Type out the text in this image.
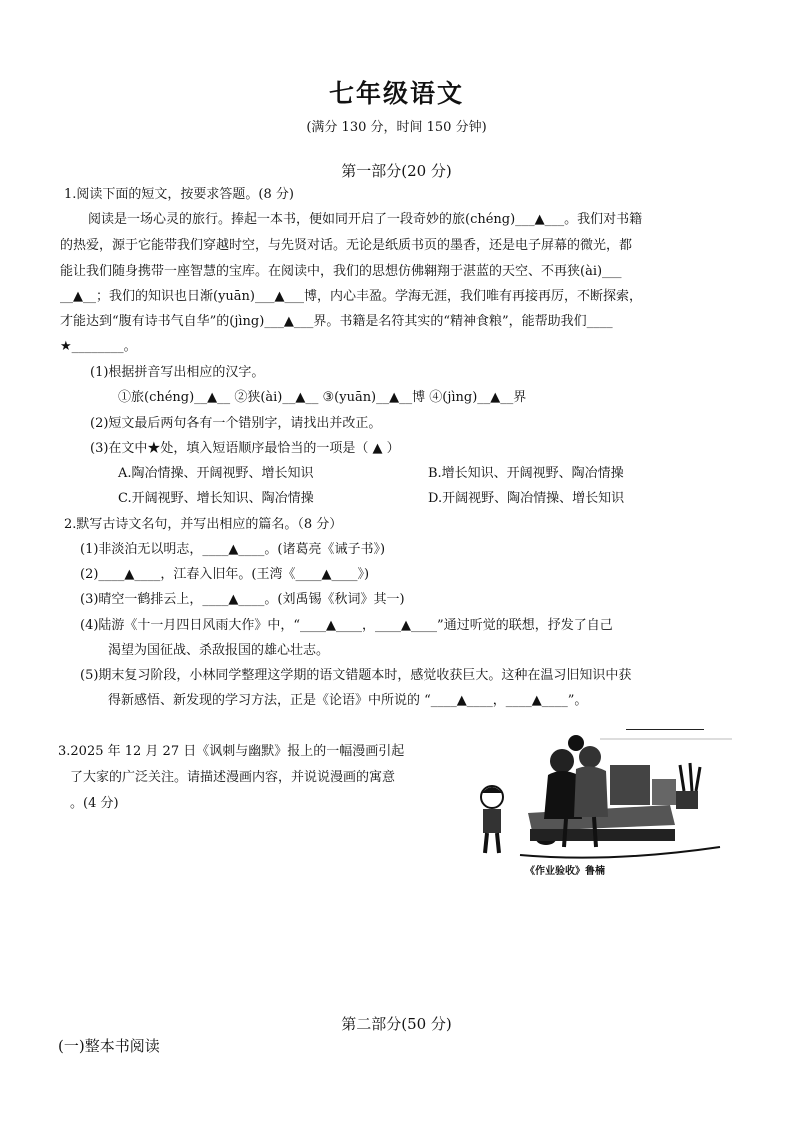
七年级语文
(满分 130 分，时间 150 分钟)
第一部分(20 分)
1.阅读下面的短文，按要求答题。(8 分)
阅读是一场心灵的旅行。捧起一本书，便如同开启了一段奇妙的旅(chéng)___▲___。我们对书籍
的热爱，源于它能带我们穿越时空，与先贤对话。无论是纸质书页的墨香，还是电子屏幕的微光，都
能让我们随身携带一座智慧的宝库。在阅读中，我们的思想仿佛翱翔于湛蓝的天空、不再狭(ài)___
__▲__；我们的知识也日渐(yuān)___▲___博，内心丰盈。学海无涯，我们唯有再接再厉，不断探索，
才能达到“腹有诗书气自华”的(jìng)___▲___界。书籍是名符其实的“精神食粮”，能帮助我们____
★________。
(1)根据拼音写出相应的汉字。
①旅(chéng)__▲__ ②狭(ài)__▲__ ③(yuān)__▲__博 ④(jìng)__▲__界
(2)短文最后两句各有一个错别字，请找出并改正。
(3)在文中★处，填入短语顺序最恰当的一项是（ ▲ ）
A.陶冶情操、开阔视野、增长知识	B.增长知识、开阔视野、陶冶情操
C.开阔视野、增长知识、陶冶情操	D.开阔视野、陶冶情操、增长知识
2.默写古诗文名句，并写出相应的篇名。（8 分）
(1)非淡泊无以明志，____▲____。(诸葛亮《诫子书》)
(2)____▲____，江春入旧年。(王湾《____▲____》)
(3)晴空一鹤排云上，____▲____。(刘禹锡《秋词》其一)
(4)陆游《十一月四日风雨大作》中，“____▲____，____▲____”通过听觉的联想，抒发了自己
渴望为国征战、杀敌报国的雄心壮志。
(5)期末复习阶段，小林同学整理这学期的语文错题本时，感觉收获巨大。这种在温习旧知识中获
得新感悟、新发现的学习方法，正是《论语》中所说的 “____▲____，____▲____”。
3.2025 年 12 月 27 日《讽刺与幽默》报上的一幅漫画引起
了大家的广泛关注。请描述漫画内容，并说说漫画的寓意
。(4 分)
《作业验收》鲁楠
第二部分(50 分)
(一)整本书阅读
